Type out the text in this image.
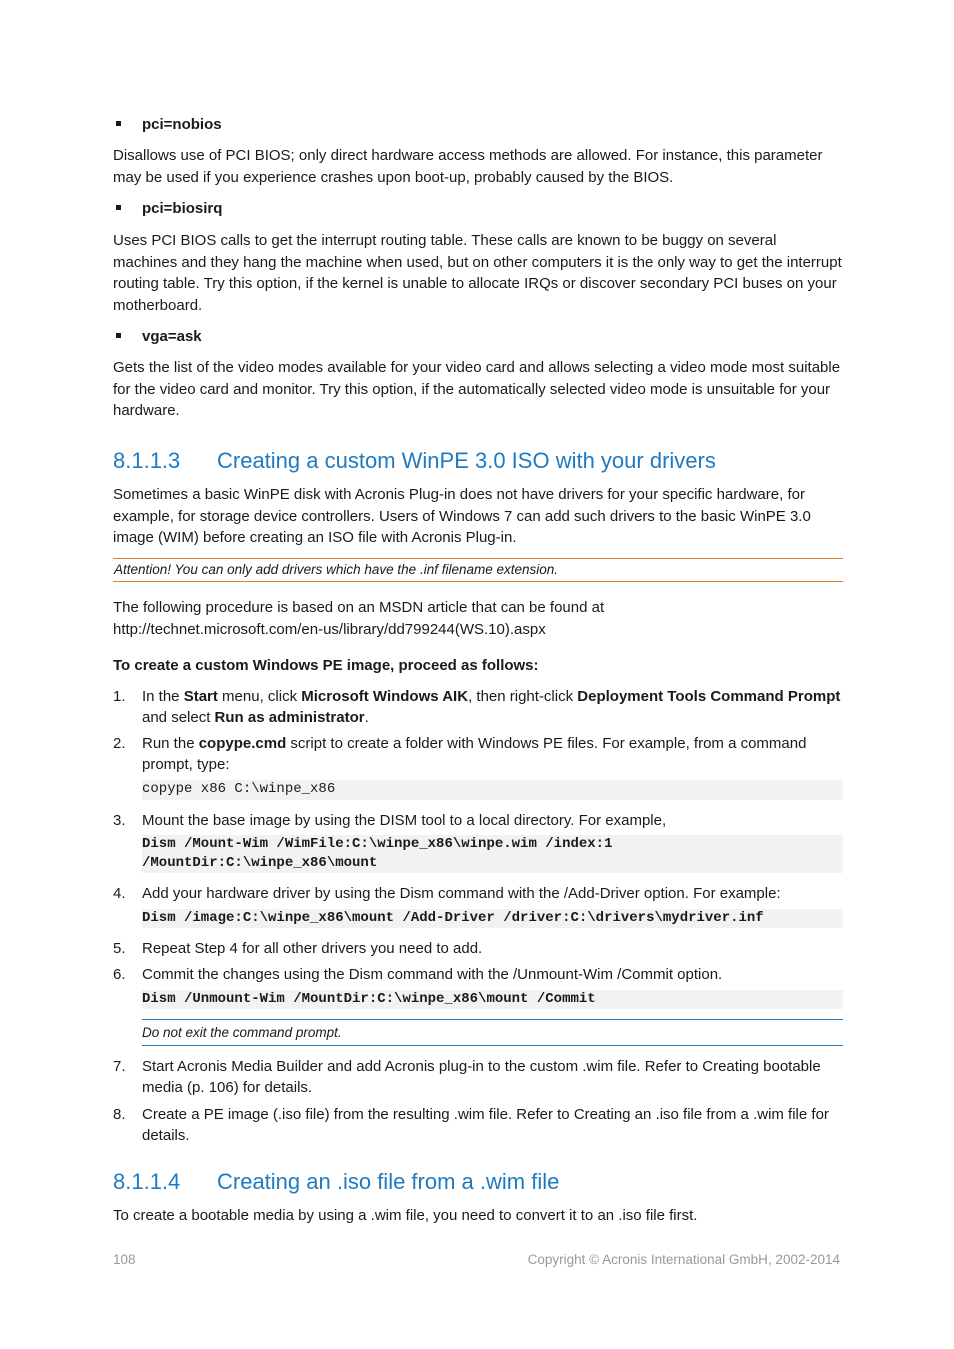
pci=nobios
Disallows use of PCI BIOS; only direct hardware access methods are allowed. For instance, this parameter may be used if you experience crashes upon boot-up, probably caused by the BIOS.
pci=biosirq
Uses PCI BIOS calls to get the interrupt routing table. These calls are known to be buggy on several machines and they hang the machine when used, but on other computers it is the only way to get the interrupt routing table. Try this option, if the kernel is unable to allocate IRQs or discover secondary PCI buses on your motherboard.
vga=ask
Gets the list of the video modes available for your video card and allows selecting a video mode most suitable for the video card and monitor. Try this option, if the automatically selected video mode is unsuitable for your hardware.
8.1.1.3 Creating a custom WinPE 3.0 ISO with your drivers
Sometimes a basic WinPE disk with Acronis Plug-in does not have drivers for your specific hardware, for example, for storage device controllers. Users of Windows 7 can add such drivers to the basic WinPE 3.0 image (WIM) before creating an ISO file with Acronis Plug-in.
Attention! You can only add drivers which have the .inf filename extension.
The following procedure is based on an MSDN article that can be found at
http://technet.microsoft.com/en-us/library/dd799244(WS.10).aspx
To create a custom Windows PE image, proceed as follows:
1. In the Start menu, click Microsoft Windows AIK, then right-click Deployment Tools Command Prompt and select Run as administrator.
2. Run the copype.cmd script to create a folder with Windows PE files. For example, from a command prompt, type:
copype x86 C:\winpe_x86
3. Mount the base image by using the DISM tool to a local directory. For example,
Dism /Mount-Wim /WimFile:C:\winpe_x86\winpe.wim /index:1
/MountDir:C:\winpe_x86\mount
4. Add your hardware driver by using the Dism command with the /Add-Driver option. For example:
Dism /image:C:\winpe_x86\mount /Add-Driver /driver:C:\drivers\mydriver.inf
5. Repeat Step 4 for all other drivers you need to add.
6. Commit the changes using the Dism command with the /Unmount-Wim /Commit option.
Dism /Unmount-Wim /MountDir:C:\winpe_x86\mount /Commit
Do not exit the command prompt.
7. Start Acronis Media Builder and add Acronis plug-in to the custom .wim file. Refer to Creating bootable media (p. 106) for details.
8. Create a PE image (.iso file) from the resulting .wim file. Refer to Creating an .iso file from a .wim file for details.
8.1.1.4 Creating an .iso file from a .wim file
To create a bootable media by using a .wim file, you need to convert it to an .iso file first.
108	Copyright © Acronis International GmbH, 2002-2014
